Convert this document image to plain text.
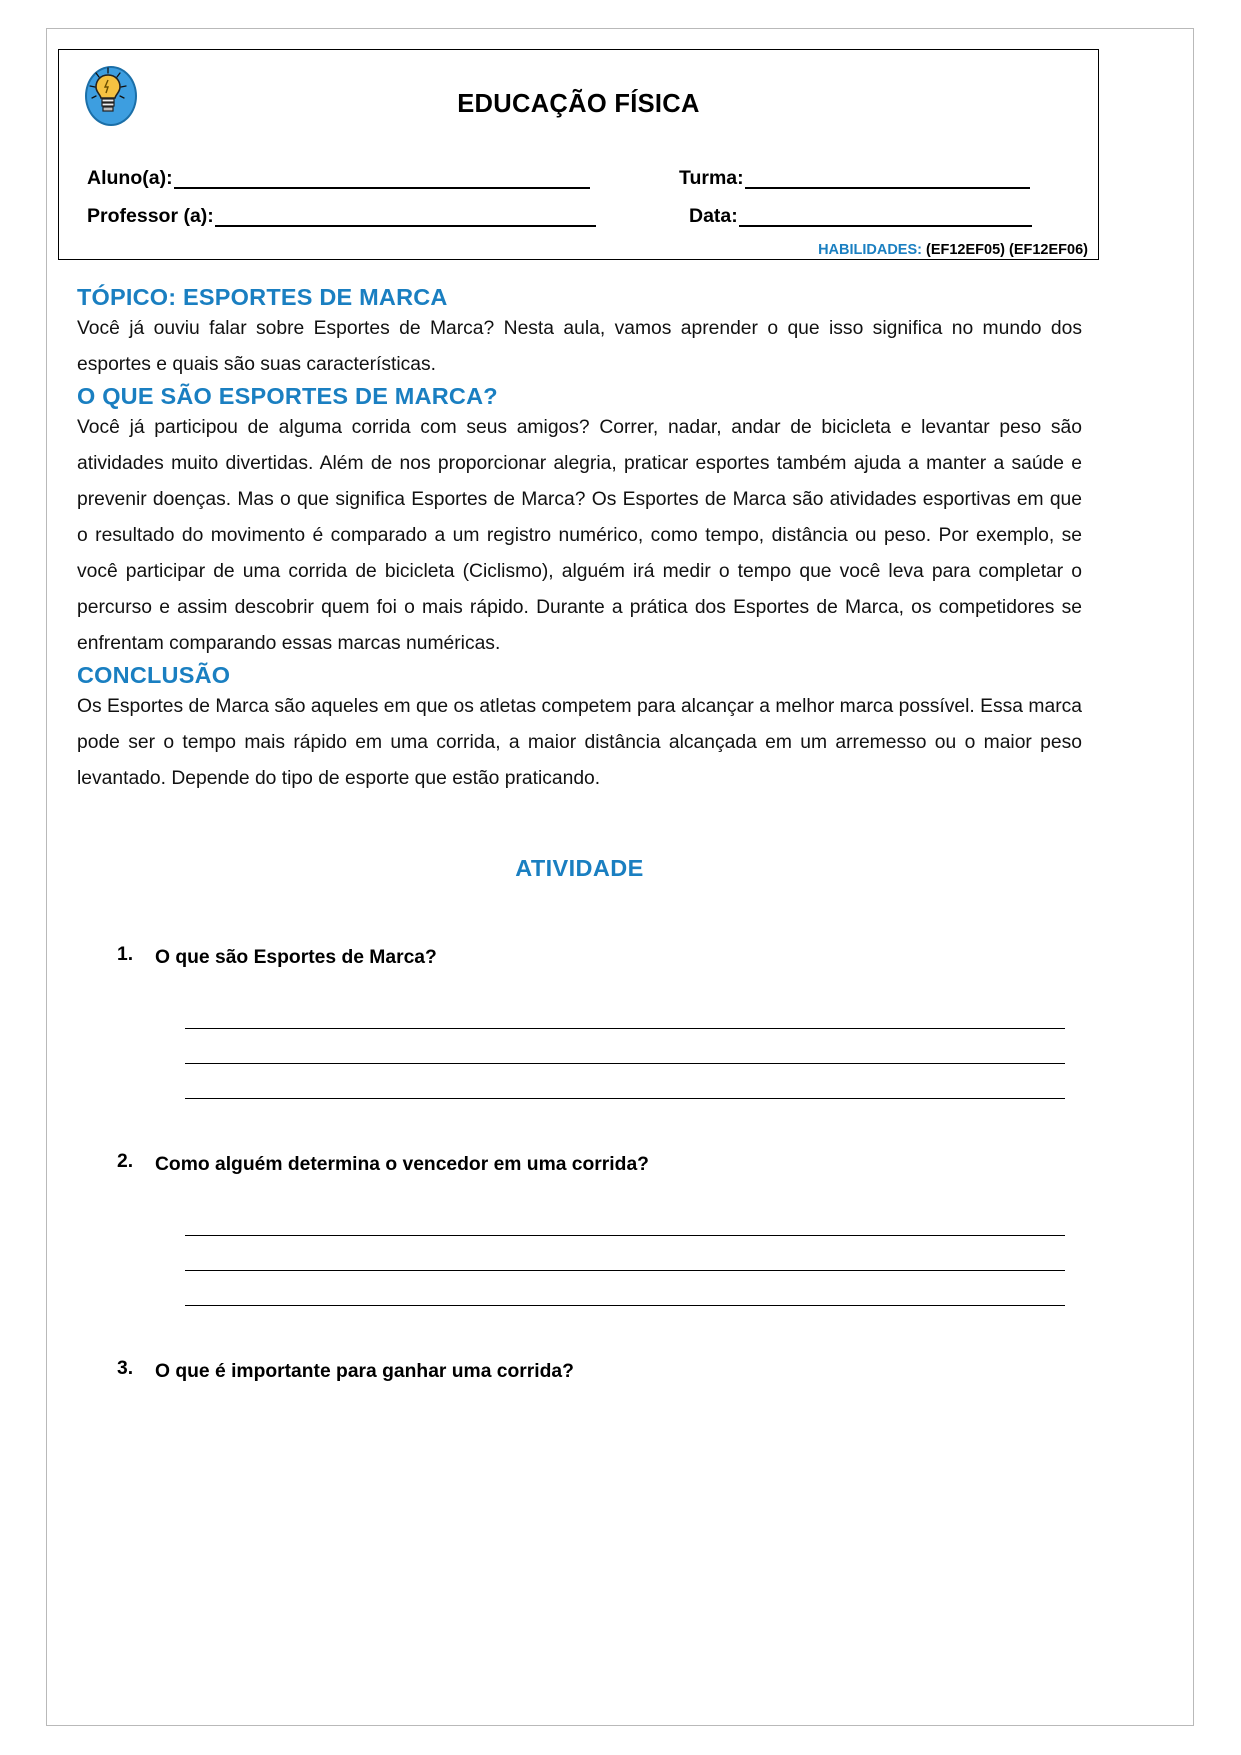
EDUCAÇÃO FÍSICA
Aluno(a):	Turma:
Professor (a):	Data:
HABILIDADES: (EF12EF05) (EF12EF06)
TÓPICO: ESPORTES DE MARCA

Você já ouviu falar sobre Esportes de Marca? Nesta aula, vamos aprender o que isso significa no mundo dos esportes e quais são suas características.

O QUE SÃO ESPORTES DE MARCA?

Você já participou de alguma corrida com seus amigos? Correr, nadar, andar de bicicleta e levantar peso são atividades muito divertidas. Além de nos proporcionar alegria, praticar esportes também ajuda a manter a saúde e prevenir doenças. Mas o que significa Esportes de Marca? Os Esportes de Marca são atividades esportivas em que o resultado do movimento é comparado a um registro numérico, como tempo, distância ou peso. Por exemplo, se você participar de uma corrida de bicicleta (Ciclismo), alguém irá medir o tempo que você leva para completar o percurso e assim descobrir quem foi o mais rápido. Durante a prática dos Esportes de Marca, os competidores se enfrentam comparando essas marcas numéricas.

CONCLUSÃO

Os Esportes de Marca são aqueles em que os atletas competem para alcançar a melhor marca possível. Essa marca pode ser o tempo mais rápido em uma corrida, a maior distância alcançada em um arremesso ou o maior peso levantado. Depende do tipo de esporte que estão praticando.

ATIVIDADE
1. O que são Esportes de Marca?
2. Como alguém determina o vencedor em uma corrida?
3. O que é importante para ganhar uma corrida?
